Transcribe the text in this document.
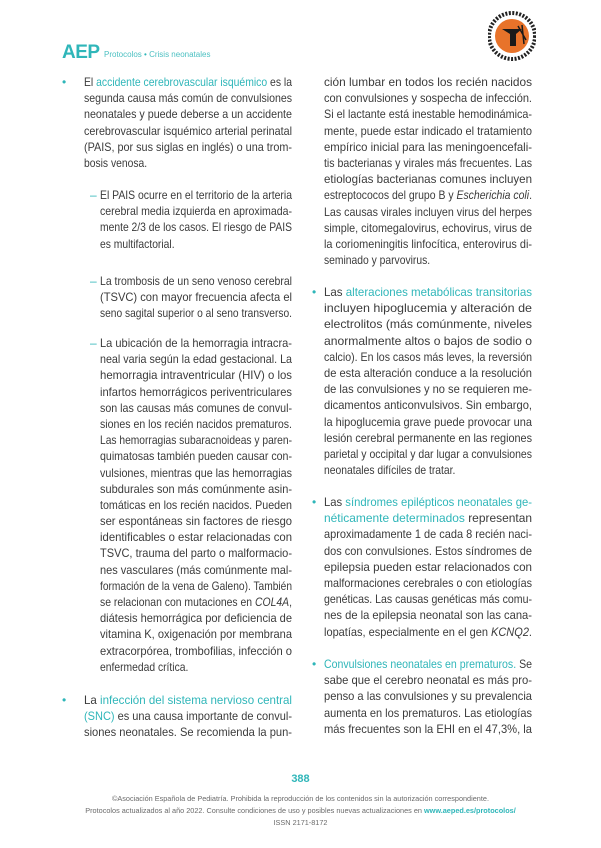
AEP Protocolos • Crisis neonatales
• El accidente cerebrovascular isquémico es la
segunda causa más común de convulsiones
neonatales y puede deberse a un accidente
cerebrovascular isquémico arterial perinatal
(PAIS, por sus siglas en inglés) o una trom-
bosis venosa.
– El PAIS ocurre en el territorio de la arteria
cerebral media izquierda en aproximada-
mente 2/3 de los casos. El riesgo de PAIS
es multifactorial.
– La trombosis de un seno venoso cerebral
(TSVC) con mayor frecuencia afecta el
seno sagital superior o al seno transverso.
– La ubicación de la hemorragia intracra-
neal varia según la edad gestacional. La
hemorragia intraventricular (HIV) o los
infartos hemorrágicos periventriculares
son las causas más comunes de convul-
siones en los recién nacidos prematuros.
Las hemorragias subaracnoideas y paren-
quimatosas también pueden causar con-
vulsiones, mientras que las hemorragias
subdurales son más comúnmente asin-
tomáticas en los recién nacidos. Pueden
ser espontáneas sin factores de riesgo
identificables o estar relacionadas con
TSVC, trauma del parto o malformacio-
nes vasculares (más comúnmente mal-
formación de la vena de Galeno). También
se relacionan con mutaciones en COL4A,
diátesis hemorrágica por deficiencia de
vitamina K, oxigenación por membrana
extracorpórea, trombofilias, infección o
enfermedad crítica.
• La infección del sistema nervioso central
(SNC) es una causa importante de convul-
siones neonatales. Se recomienda la pun-
ción lumbar en todos los recién nacidos
con convulsiones y sospecha de infección.
Si el lactante está inestable hemodinámica-
mente, puede estar indicado el tratamiento
empírico inicial para las meningoencefali-
tis bacterianas y virales más frecuentes. Las
etiologías bacterianas comunes incluyen
estreptococos del grupo B y Escherichia coli.
Las causas virales incluyen virus del herpes
simple, citomegalovirus, echovirus, virus de
la coriomeningitis linfocítica, enterovirus di-
seminado y parvovirus.
• Las alteraciones metabólicas transitorias
incluyen hipoglucemia y alteración de
electrolitos (más comúnmente, niveles
anormalmente altos o bajos de sodio o
calcio). En los casos más leves, la reversión
de esta alteración conduce a la resolución
de las convulsiones y no se requieren me-
dicamentos anticonvulsivos. Sin embargo,
la hipoglucemia grave puede provocar una
lesión cerebral permanente en las regiones
parietal y occipital y dar lugar a convulsiones
neonatales difíciles de tratar.
• Las síndromes epilépticos neonatales ge-
néticamente determinados representan
aproximadamente 1 de cada 8 recién naci-
dos con convulsiones. Estos síndromes de
epilepsia pueden estar relacionados con
malformaciones cerebrales o con etiologías
genéticas. Las causas genéticas más comu-
nes de la epilepsia neonatal son las cana-
lopatías, especialmente en el gen KCNQ2.
• Convulsiones neonatales en prematuros. Se
sabe que el cerebro neonatal es más pro-
penso a las convulsiones y su prevalencia
aumenta en los prematuros. Las etiologías
más frecuentes son la EHI en el 47,3%, la
388
©Asociación Española de Pediatría. Prohibida la reproducción de los contenidos sin la autorización correspondiente.
Protocolos actualizados al año 2022. Consulte condiciones de uso y posibles nuevas actualizaciones en www.aeped.es/protocolos/
ISSN 2171-8172
